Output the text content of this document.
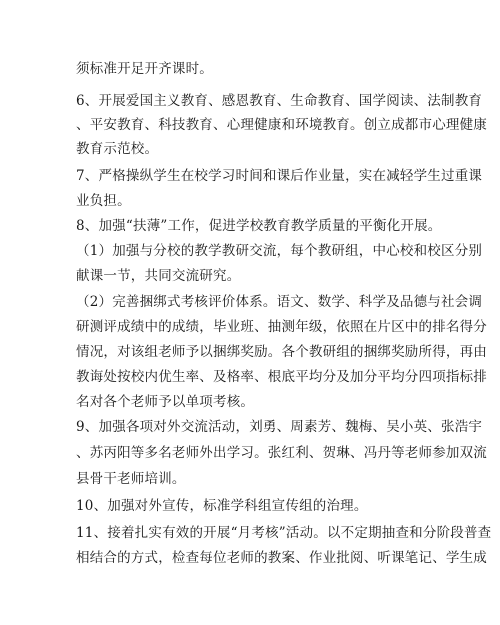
须标准开足开齐课时。
6、开展爱国主义教育、感恩教育、生命教育、国学阅读、法制教育
、平安教育、科技教育、心理健康和环境教育。创立成都市心理健康
教育示范校。
7、严格操纵学生在校学习时间和课后作业量，实在减轻学生过重课
业负担。
8、加强“扶薄”工作，促进学校教育教学质量的平衡化开展。
（1）加强与分校的教学教研交流，每个教研组，中心校和校区分别
献课一节，共同交流研究。
（2）完善捆绑式考核评价体系。语文、数学、科学及品德与社会调
研测评成绩中的成绩，毕业班、抽测年级，依照在片区中的排名得分
情况，对该组老师予以捆绑奖励。各个教研组的捆绑奖励所得，再由
教诲处按校内优生率、及格率、根底平均分及加分平均分四项指标排
名对各个老师予以单项考核。
9、加强各项对外交流活动，刘勇、周素芳、魏梅、吴小英、张浩宇
、苏丙阳等多名老师外出学习。张红利、贺琳、冯丹等老师参加双流
县骨干老师培训。
10、加强对外宣传，标准学科组宣传组的治理。
11、接着扎实有效的开展“月考核”活动。以不定期抽查和分阶段普查
相结合的方式，检查每位老师的教案、作业批阅、听课笔记、学生成
